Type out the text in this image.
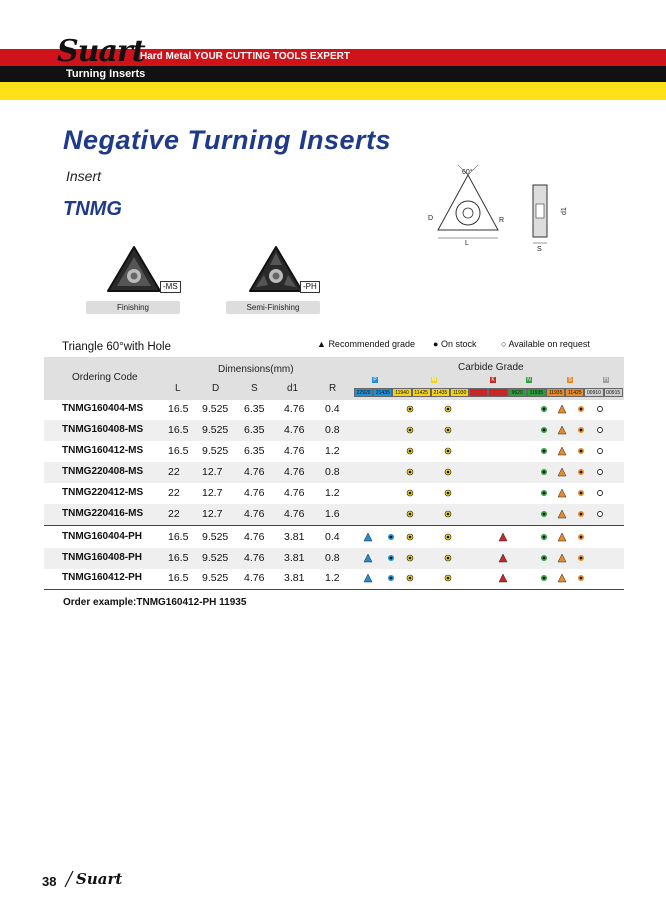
Suart
Hard Metal YOUR CUTTING TOOLS EXPERT
Turning Inserts
Negative Turning Inserts
Insert
TNMG
60°
D	R
L
S
d1
-MS
Finishing
-PH
Semi-Finishing
Triangle 60°with Hole	▲ Recommended grade ● On stock	○ Available on request
Ordering Code
Dimensions(mm)
L	D	S	d1	R
Carbide Grade
P	M	K	N	S	H
22920	21435	11940	11425	21435	11930	9620	11935	11935	11425	00910	00915
TNMG160404-MS 16.5 9.525 6.35 4.76 0.4
TNMG160408-MS 16.5 9.525 6.35 4.76 0.8
TNMG160412-MS 16.5 9.525 6.35 4.76 1.2
TNMG220408-MS 22 12.7 4.76 4.76 0.8
TNMG220412-MS 22 12.7 4.76 4.76 1.2
TNMG220416-MS 22 12.7 4.76 4.76 1.6
TNMG160404-PH 16.5 9.525 4.76 3.81 0.4
TNMG160408-PH 16.5 9.525 4.76 3.81 0.8
TNMG160412-PH 16.5 9.525 4.76 3.81 1.2
Order example:TNMG160412-PH 11935
38 Suart
